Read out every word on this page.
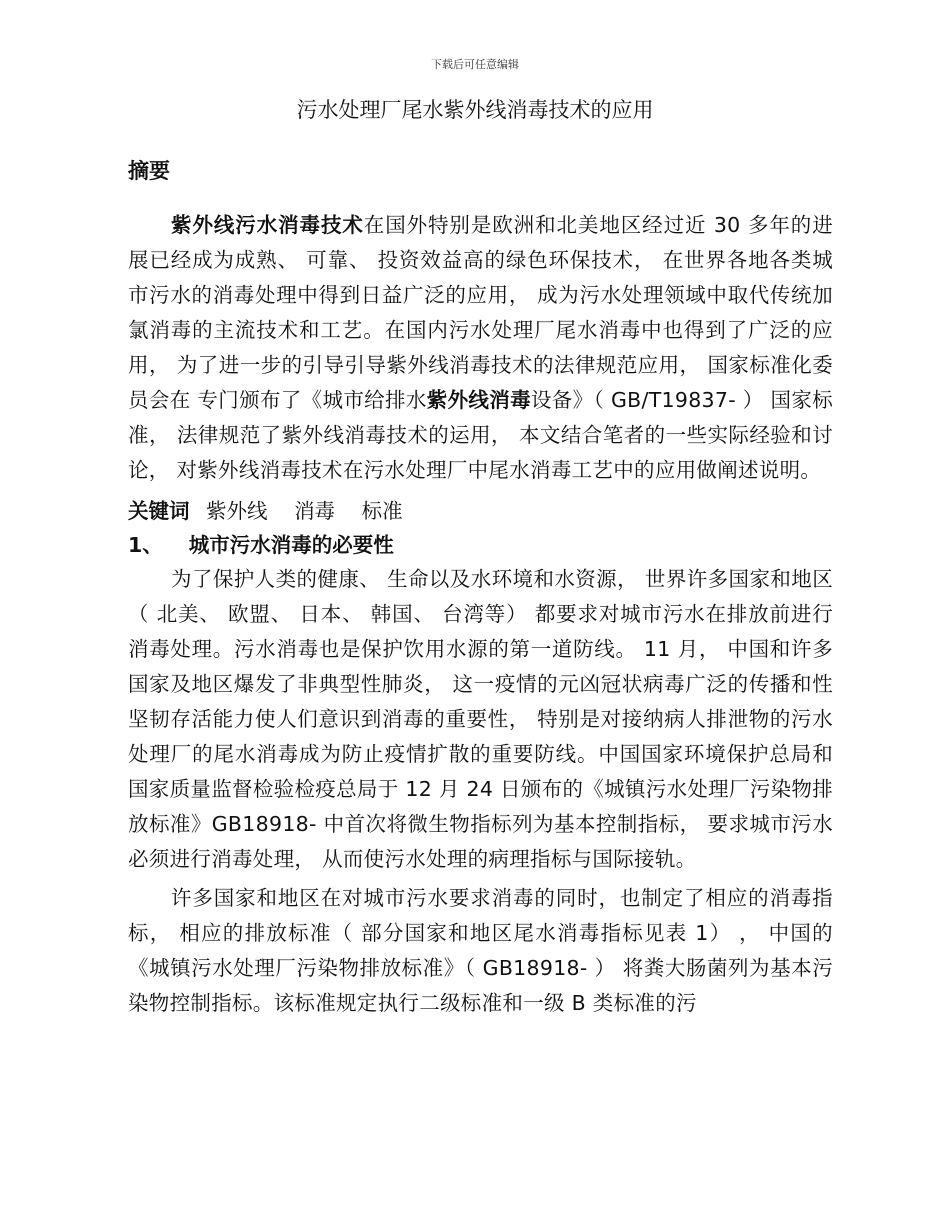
下载后可任意编辑
污水处理厂尾水紫外线消毒技术的应用
摘要

紫外线污水消毒技术在国外特别是欧洲和北美地区经过近 30 多年的进展已经成为成熟、 可靠、 投资效益高的绿色环保技术， 在世界各地各类城市污水的消毒处理中得到日益广泛的应用， 成为污水处理领域中取代传统加氯消毒的主流技术和工艺。在国内污水处理厂尾水消毒中也得到了广泛的应用， 为了进一步的引导引导紫外线消毒技术的法律规范应用， 国家标准化委员会在 专门颁布了《城市给排水紫外线消毒设备》（ GB/T19837- ） 国家标准， 法律规范了紫外线消毒技术的运用， 本文结合笔者的一些实际经验和讨论， 对紫外线消毒技术在污水处理厂中尾水消毒工艺中的应用做阐述说明。

关键词 紫外线 消毒 标准
1、 城市污水消毒的必要性

为了保护人类的健康、 生命以及水环境和水资源， 世界许多国家和地区（ 北美、 欧盟、 日本、 韩国、 台湾等） 都要求对城市污水在排放前进行消毒处理。污水消毒也是保护饮用水源的第一道防线。 11 月， 中国和许多国家及地区爆发了非典型性肺炎， 这一疫情的元凶冠状病毒广泛的传播和性坚韧存活能力使人们意识到消毒的重要性， 特别是对接纳病人排泄物的污水处理厂的尾水消毒成为防止疫情扩散的重要防线。中国国家环境保护总局和国家质量监督检验检疫总局于 12 月 24 日颁布的《城镇污水处理厂污染物排放标准》GB18918- 中首次将微生物指标列为基本控制指标， 要求城市污水必须进行消毒处理， 从而使污水处理的病理指标与国际接轨。

许多国家和地区在对城市污水要求消毒的同时，也制定了相应的消毒指标， 相应的排放标准（ 部分国家和地区尾水消毒指标见表 1） ， 中国的《城镇污水处理厂污染物排放标准》（ GB18918- ） 将粪大肠菌列为基本污染物控制指标。该标准规定执行二级标准和一级 B 类标准的污
